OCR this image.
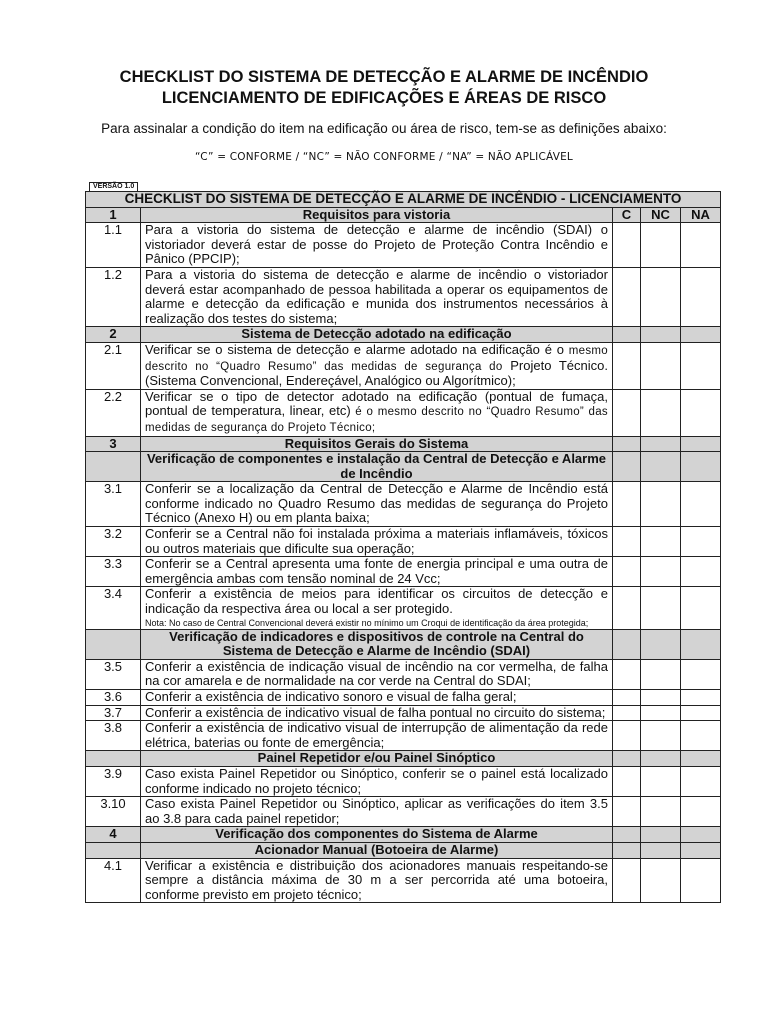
CHECKLIST DO SISTEMA DE DETECÇÃO E ALARME DE INCÊNDIO
LICENCIAMENTO DE EDIFICAÇÕES E ÁREAS DE RISCO
Para assinalar a condição do item na edificação ou área de risco, tem-se as definições abaixo:
“C” = CONFORME / “NC” = NÃO CONFORME / “NA” = NÃO APLICÁVEL
VERSÃO 1.0
CHECKLIST DO SISTEMA DE DETECÇÃO E ALARME DE INCÊNDIO - LICENCIAMENTO				
1	Requisitos para vistoria	C	NC	NA
1.1	Para a vistoria do sistema de detecção e alarme de incêndio (SDAI) o vistoriador deverá estar de posse do Projeto de Proteção Contra Incêndio e Pânico (PPCIP);			
1.2	Para a vistoria do sistema de detecção e alarme de incêndio o vistoriador deverá estar acompanhado de pessoa habilitada a operar os equipamentos de alarme e detecção da edificação e munida dos instrumentos necessários à realização dos testes do sistema;			
2	Sistema de Detecção adotado na edificação			
2.1	Verificar se o sistema de detecção e alarme adotado na edificação é o mesmo descrito no “Quadro Resumo” das medidas de segurança do Projeto Técnico. (Sistema Convencional, Endereçável, Analógico ou Algorítmico);			
2.2	Verificar se o tipo de detector adotado na edificação (pontual de fumaça, pontual de temperatura, linear, etc) é o mesmo descrito no “Quadro Resumo” das medidas de segurança do Projeto Técnico;			
3	Requisitos Gerais do Sistema			
	Verificação de componentes e instalação da Central de Detecção e Alarme de Incêndio			
3.1	Conferir se a localização da Central de Detecção e Alarme de Incêndio está conforme indicado no Quadro Resumo das medidas de segurança do Projeto Técnico (Anexo H) ou em planta baixa;			
3.2	Conferir se a Central não foi instalada próxima a materiais inflamáveis, tóxicos ou outros materiais que dificulte sua operação;			
3.3	Conferir se a Central apresenta uma fonte de energia principal e uma outra de emergência ambas com tensão nominal de 24 Vcc;			
3.4	Conferir a existência de meios para identificar os circuitos de detecção e indicação da respectiva área ou local a ser protegido.
Nota: No caso de Central Convencional deverá existir no mínimo um Croqui de identificação da área protegida;			

	Verificação de indicadores e dispositivos de controle na Central do Sistema de Detecção e Alarme de Incêndio (SDAI)			
3.5	Conferir a existência de indicação visual de incêndio na cor vermelha, de falha na cor amarela e de normalidade na cor verde na Central do SDAI;			
3.6	Conferir a existência de indicativo sonoro e visual de falha geral;			
3.7	Conferir a existência de indicativo visual de falha pontual no circuito do sistema;			
3.8	Conferir a existência de indicativo visual de interrupção de alimentação da rede elétrica, baterias ou fonte de emergência;			
	Painel Repetidor e/ou Painel Sinóptico			
3.9	Caso exista Painel Repetidor ou Sinóptico, conferir se o painel está localizado conforme indicado no projeto técnico;			
3.10	Caso exista Painel Repetidor ou Sinóptico, aplicar as verificações do item 3.5 ao 3.8 para cada painel repetidor;			
4	Verificação dos componentes do Sistema de Alarme			
	Acionador Manual (Botoeira de Alarme)			
4.1	Verificar a existência e distribuição dos acionadores manuais respeitando-se sempre a distância máxima de 30 m a ser percorrida até uma botoeira, conforme previsto em projeto técnico;			
